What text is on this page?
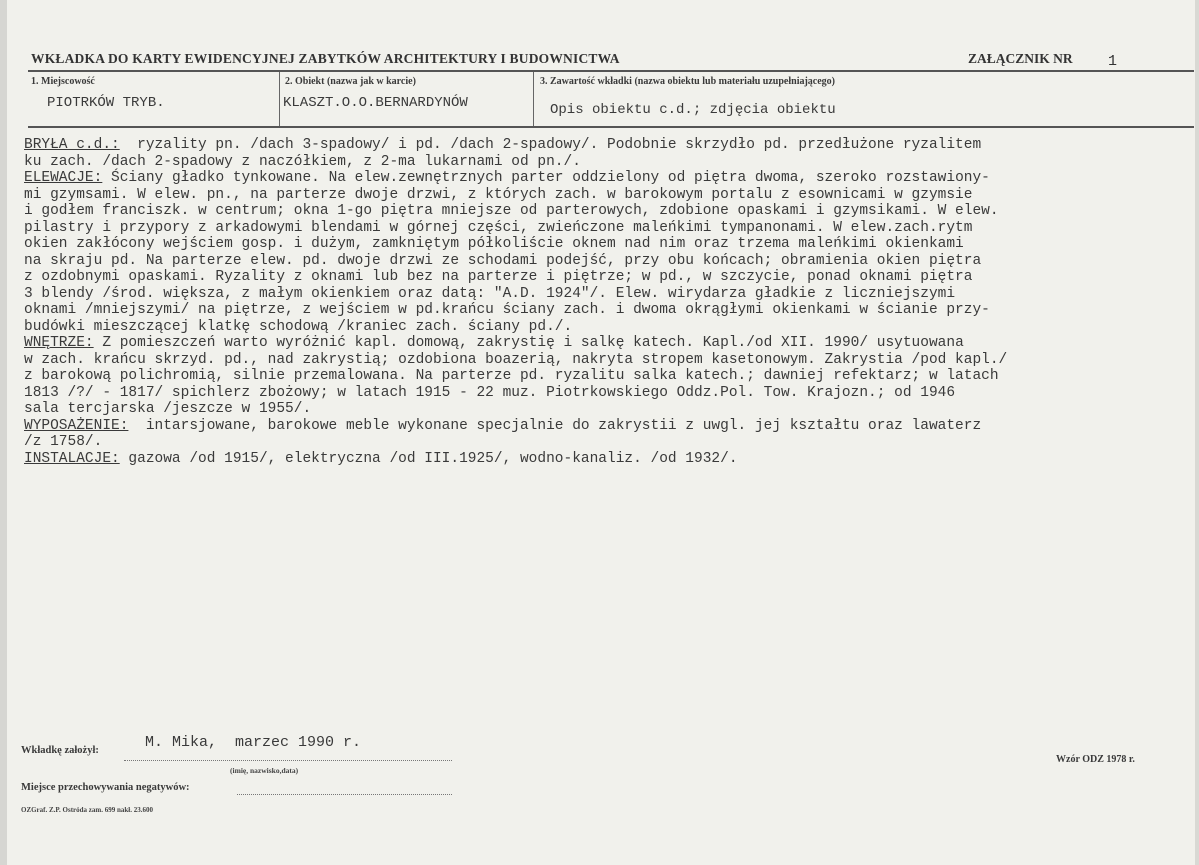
WKŁADKA DO KARTY EWIDENCYJNEJ ZABYTKÓW ARCHITEKTURY I BUDOWNICTWA	ZAŁĄCZNIK NR 1
1. Miejscowość
PIOTRKÓW TRYB.
2. Obiekt (nazwa jak w karcie)
KLASZT.O.O.BERNARDYNÓW
3. Zawartość wkładki (nazwa obiektu lub materiału uzupełniającego)
Opis obiektu c.d.; zdjęcia obiektu
BRYŁA c.d.:  ryzality pn. /dach 3-spadowy/ i pd. /dach 2-spadowy/. Podobnie skrzydło pd. przedłużone ryzalitem
ku zach. /dach 2-spadowy z naczółkiem, z 2-ma lukarnami od pn./.
ELEWACJE: Ściany gładko tynkowane. Na elew.zewnętrznych parter oddzielony od piętra dwoma, szeroko rozstawiony-
mi gzymsami. W elew. pn., na parterze dwoje drzwi, z których zach. w barokowym portalu z esownicami w gzymsie
i godłem franciszk. w centrum; okna 1-go piętra mniejsze od parterowych, zdobione opaskami i gzymsikami. W elew.
pilastry i przypory z arkadowymi blendami w górnej części, zwieńczone maleńkimi tympanonami. W elew.zach.rytm
okien zakłócony wejściem gosp. i dużym, zamkniętym półkoliście oknem nad nim oraz trzema maleńkimi okienkami
na skraju pd. Na parterze elew. pd. dwoje drzwi ze schodami podejść, przy obu końcach; obramienia okien piętra
z ozdobnymi opaskami. Ryzality z oknami lub bez na parterze i piętrze; w pd., w szczycie, ponad oknami piętra
3 blendy /środ. większa, z małym okienkiem oraz datą: "A.D. 1924"/. Elew. wirydarza gładkie z liczniejszymi
oknami /mniejszymi/ na piętrze, z wejściem w pd.krańcu ściany zach. i dwoma okrągłymi okienkami w ścianie przy-
budówki mieszczącej klatkę schodową /kraniec zach. ściany pd./.
WNĘTRZE: Z pomieszczeń warto wyróżnić kapl. domową, zakrystię i salkę katech. Kapl./od XII. 1990/ usytuowana
w zach. krańcu skrzyd. pd., nad zakrystią; ozdobiona boazerią, nakryta stropem kasetonowym. Zakrystia /pod kapl./
z barokową polichromią, silnie przemalowana. Na parterze pd. ryzalitu salka katech.; dawniej refektarz; w latach
1813 /?/ - 1817/ spichlerz zbożowy; w latach 1915 - 22 muz. Piotrkowskiego Oddz.Pol. Tow. Krajozn.; od 1946
sala tercjarska /jeszcze w 1955/.
WYPOSAŻENIE:  intarsjowane, barokowe meble wykonane specjalnie do zakrystii z uwgl. jej kształtu oraz lawaterz
/z 1758/.
INSTALACJE: gazowa /od 1915/, elektryczna /od III.1925/, wodno-kanaliz. /od 1932/.
Wkładkę założył:	M. Mika,  marzec 1990 r.
(imię, nazwisko,data)
Miejsce przechowywania negatywów:
Wzór ODZ 1978 r.
OZGraf. Z.P. Ostróda zam. 699 nakł. 23.600
